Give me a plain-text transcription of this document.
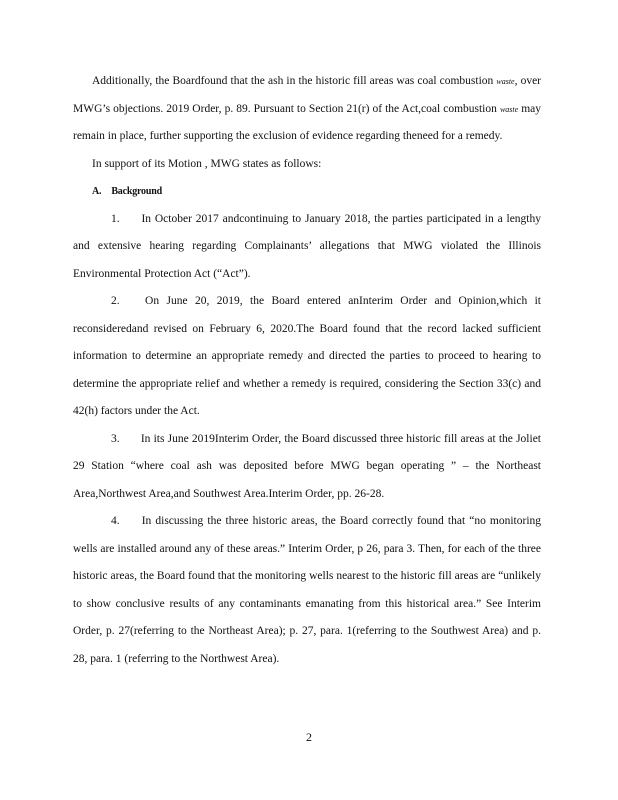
Additionally, the Boardfound that the ash in the historic fill areas was coal combustion waste, over MWG’s objections. 2019 Order, p. 89. Pursuant to Section 21(r) of the Act,coal combustion waste may remain in place, further supporting the exclusion of evidence regarding theneed for a remedy.

In support of its Motion , MWG states as follows:

A. Background

1. In October 2017 andcontinuing to January 2018, the parties participated in a lengthy and extensive hearing regarding Complainants’ allegations that MWG violated the Illinois Environmental Protection Act (“Act”).

2. On June 20, 2019, the Board entered anInterim Order and Opinion,which it reconsideredand revised on February 6, 2020.The Board found that the record lacked sufficient information to determine an appropriate remedy and directed the parties to proceed to hearing to determine the appropriate relief and whether a remedy is required, considering the Section 33(c) and 42(h) factors under the Act.

3. In its June 2019Interim Order, the Board discussed three historic fill areas at the Joliet 29 Station “where coal ash was deposited before MWG began operating ” – the Northeast Area,Northwest Area,and Southwest Area.Interim Order, pp. 26-28.

4. In discussing the three historic areas, the Board correctly found that “no monitoring wells are installed around any of these areas.” Interim Order, p 26, para 3. Then, for each of the three historic areas, the Board found that the monitoring wells nearest to the historic fill areas are “unlikely to show conclusive results of any contaminants emanating from this historical area.” See Interim Order, p. 27(referring to the Northeast Area); p. 27, para. 1(referring to the Southwest Area) and p. 28, para. 1 (referring to the Northwest Area).

2
